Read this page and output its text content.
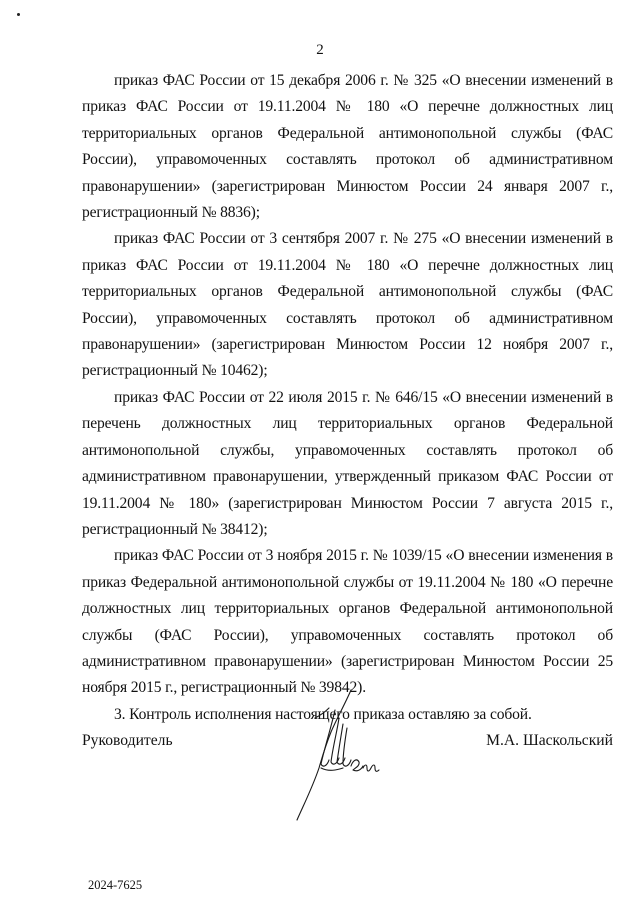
2

приказ ФАС России от 15 декабря 2006 г. № 325 «О внесении изменений в приказ ФАС России от 19.11.2004 № 180 «О перечне должностных лиц территориальных органов Федеральной антимонопольной службы (ФАС России), управомоченных составлять протокол об административном правонарушении» (зарегистрирован Минюстом России 24 января 2007 г., регистрационный № 8836);

приказ ФАС России от 3 сентября 2007 г. № 275 «О внесении изменений в приказ ФАС России от 19.11.2004 № 180 «О перечне должностных лиц территориальных органов Федеральной антимонопольной службы (ФАС России), управомоченных составлять протокол об административном правонарушении» (зарегистрирован Минюстом России 12 ноября 2007 г., регистрационный № 10462);

приказ ФАС России от 22 июля 2015 г. № 646/15 «О внесении изменений в перечень должностных лиц территориальных органов Федеральной антимонопольной службы, управомоченных составлять протокол об административном правонарушении, утвержденный приказом ФАС России от 19.11.2004 № 180» (зарегистрирован Минюстом России 7 августа 2015 г., регистрационный № 38412);

приказ ФАС России от 3 ноября 2015 г. № 1039/15 «О внесении изменения в приказ Федеральной антимонопольной службы от 19.11.2004 № 180 «О перечне должностных лиц территориальных органов Федеральной антимонопольной службы (ФАС России), управомоченных составлять протокол об административном правонарушении» (зарегистрирован Минюстом России 25 ноября 2015 г., регистрационный № 39842).

3. Контроль исполнения настоящего приказа оставляю за собой.

Руководитель	М.А. Шаскольский
2024-7625
